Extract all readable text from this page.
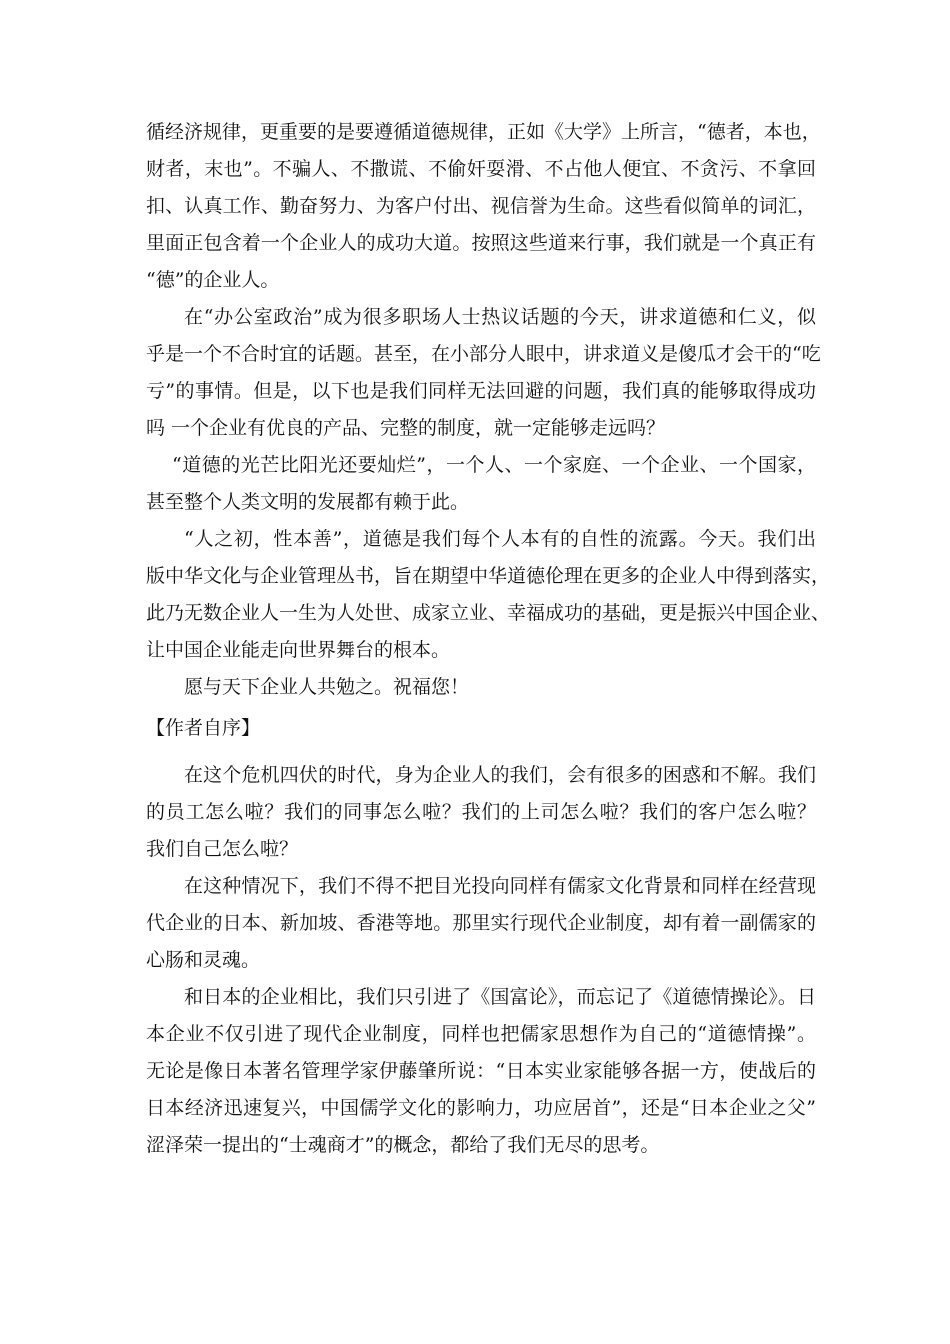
循经济规律，更重要的是要遵循道德规律，正如《大学》上所言，“德者，本也，
财者，末也”。不骗人、不撒谎、不偷奸耍滑、不占他人便宜、不贪污、不拿回
扣、认真工作、勤奋努力、为客户付出、视信誉为生命。这些看似简单的词汇，
里面正包含着一个企业人的成功大道。按照这些道来行事，我们就是一个真正有
“德”的企业人。
在“办公室政治”成为很多职场人士热议话题的今天，讲求道德和仁义，似
乎是一个不合时宜的话题。甚至，在小部分人眼中，讲求道义是傻瓜才会干的“吃
亏”的事情。但是，以下也是我们同样无法回避的问题，我们真的能够取得成功
吗 一个企业有优良的产品、完整的制度，就一定能够走远吗？
“道德的光芒比阳光还要灿烂”，一个人、一个家庭、一个企业、一个国家，
甚至整个人类文明的发展都有赖于此。
“人之初，性本善”，道德是我们每个人本有的自性的流露。今天。我们出
版中华文化与企业管理丛书，旨在期望中华道德伦理在更多的企业人中得到落实，
此乃无数企业人一生为人处世、成家立业、幸福成功的基础，更是振兴中国企业、
让中国企业能走向世界舞台的根本。
愿与天下企业人共勉之。祝福您！
【作者自序】
在这个危机四伏的时代，身为企业人的我们，会有很多的困惑和不解。我们
的员工怎么啦？我们的同事怎么啦？我们的上司怎么啦？我们的客户怎么啦？
我们自己怎么啦？
在这种情况下，我们不得不把目光投向同样有儒家文化背景和同样在经营现
代企业的日本、新加坡、香港等地。那里实行现代企业制度，却有着一副儒家的
心肠和灵魂。
和日本的企业相比，我们只引进了《国富论》，而忘记了《道德情操论》。日
本企业不仅引进了现代企业制度，同样也把儒家思想作为自己的“道德情操”。
无论是像日本著名管理学家伊藤肇所说：“日本实业家能够各据一方，使战后的
日本经济迅速复兴，中国儒学文化的影响力，功应居首”，还是“日本企业之父”
涩泽荣一提出的“士魂商才”的概念，都给了我们无尽的思考。
